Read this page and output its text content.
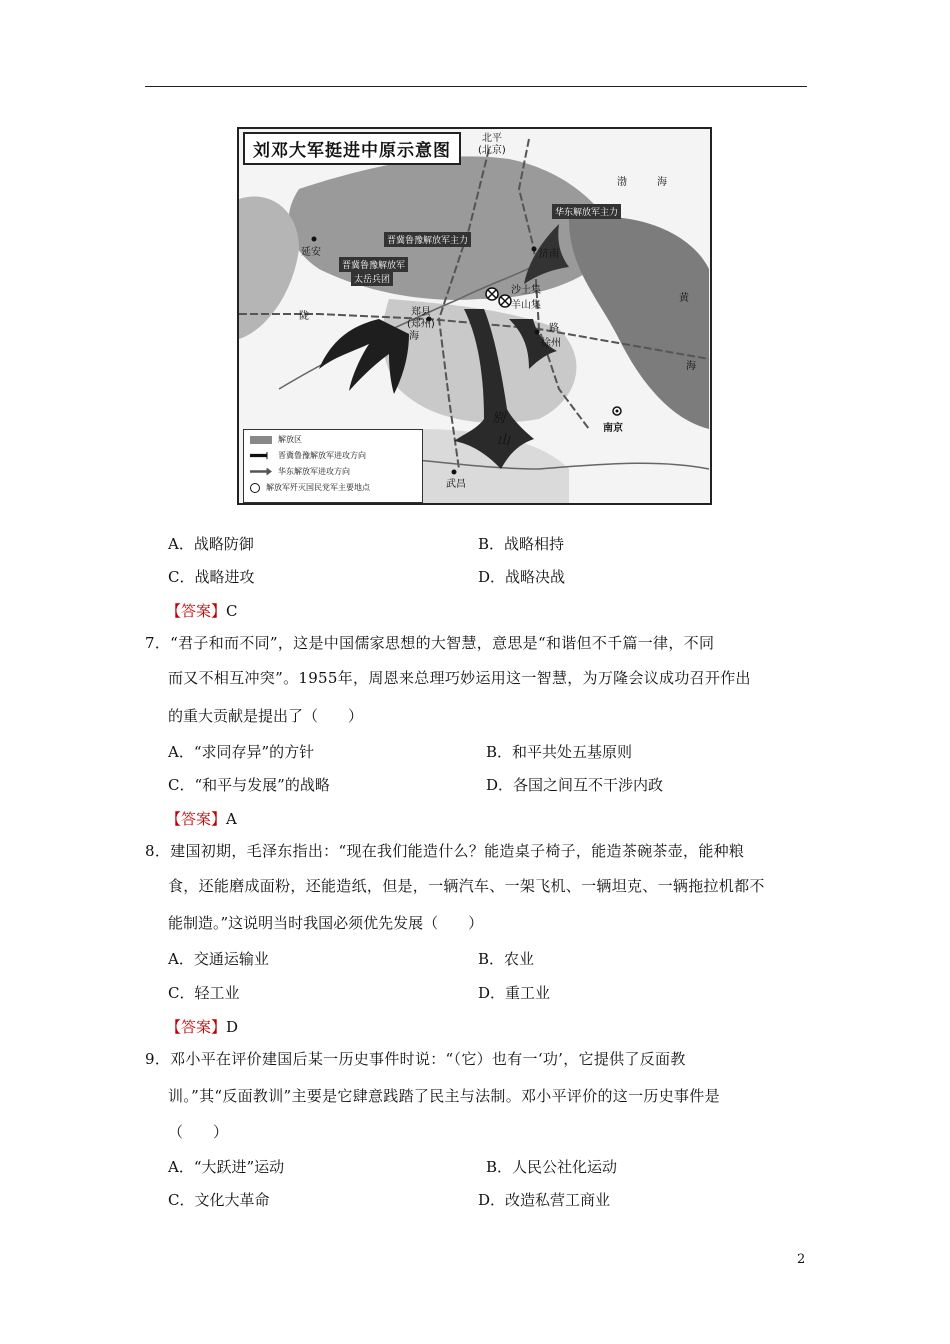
刘邓大军挺进中原示意图
北平
(北京)
延安	济南
郑县
(郑州)
沙土集
羊山集
徐州
南京
武昌
别
山
渤	海
黄
海
陇
海
路
华东解放军主力
晋冀鲁豫解放军主力
晋冀鲁豫解放军
太岳兵团
解放区
晋冀鲁豫解放军进攻方向
华东解放军进攻方向
解放军歼灭国民党军主要地点
A．战略防御	B．战略相持
C．战略进攻	D．战略决战
【答案】C
7．“君子和而不同”，这是中国儒家思想的大智慧，意思是“和谐但不千篇一律，不同
而又不相互冲突”。1955年，周恩来总理巧妙运用这一智慧，为万隆会议成功召开作出
的重大贡献是提出了（　　）
A．“求同存异”的方针	B．和平共处五基原则
C．“和平与发展”的战略	D．各国之间互不干涉内政
【答案】A
8．建国初期，毛泽东指出：“现在我们能造什么？能造桌子椅子，能造茶碗茶壶，能种粮
食，还能磨成面粉，还能造纸，但是，一辆汽车、一架飞机、一辆坦克、一辆拖拉机都不
能制造。”这说明当时我国必须优先发展（　　）
A．交通运输业	B．农业
C．轻工业	D．重工业
【答案】D
9．邓小平在评价建国后某一历史事件时说：“（它）也有一‘功’，它提供了反面教
训。”其“反面教训”主要是它肆意践踏了民主与法制。邓小平评价的这一历史事件是
（　　）
A．“大跃进”运动	B．人民公社化运动
C．文化大革命	D．改造私营工商业
2
